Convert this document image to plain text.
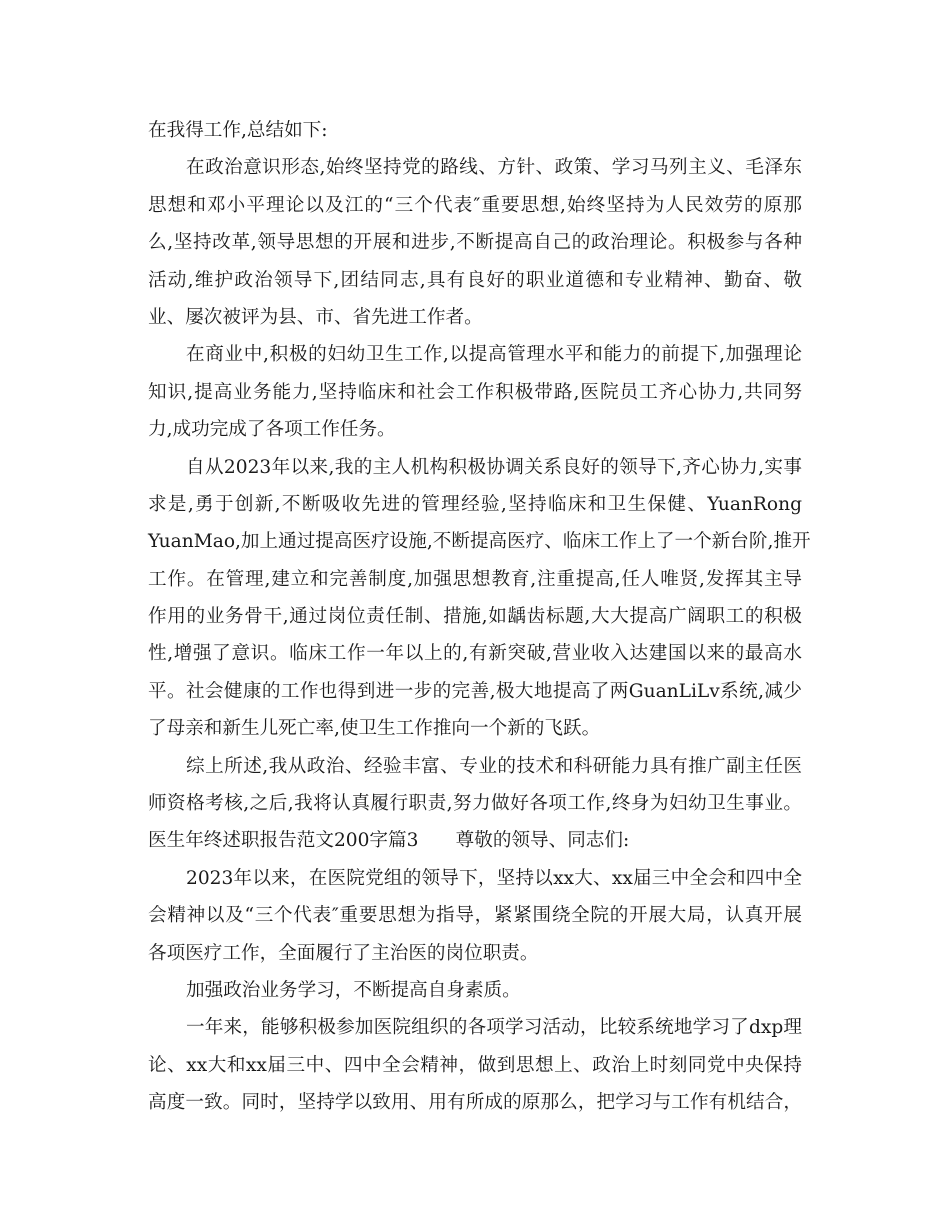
在我得工作,总结如下:
在政治意识形态,始终坚持党的路线、方针、政策、学习马列主义、毛泽东
思想和邓小平理论以及江的“三个代表″重要思想,始终坚持为人民效劳的原那
么,坚持改革,领导思想的开展和进步,不断提高自己的政治理论。积极参与各种
活动,维护政治领导下,团结同志,具有良好的职业道德和专业精神、勤奋、敬
业、屡次被评为县、市、省先进工作者。
在商业中,积极的妇幼卫生工作,以提高管理水平和能力的前提下,加强理论
知识,提高业务能力,坚持临床和社会工作积极带路,医院员工齐心协力,共同努
力,成功完成了各项工作任务。
自从2023年以来,我的主人机构积极协调关系良好的领导下,齐心协力,实事
求是,勇于创新,不断吸收先进的管理经验,坚持临床和卫生保健、YuanRong
YuanMao,加上通过提高医疗设施,不断提高医疗、临床工作上了一个新台阶,推开
工作。在管理,建立和完善制度,加强思想教育,注重提高,任人唯贤,发挥其主导
作用的业务骨干,通过岗位责任制、措施,如龋齿标题,大大提高广阔职工的积极
性,增强了意识。临床工作一年以上的,有新突破,营业收入达建国以来的最高水
平。社会健康的工作也得到进一步的完善,极大地提高了两GuanLiLv系统,减少
了母亲和新生儿死亡率,使卫生工作推向一个新的飞跃。
综上所述,我从政治、经验丰富、专业的技术和科研能力具有推广副主任医
师资格考核,之后,我将认真履行职责,努力做好各项工作,终身为妇幼卫生事业。
医生年终述职报告范文200字篇3　　尊敬的领导、同志们:
2023年以来，在医院党组的领导下，坚持以xx大、xx届三中全会和四中全
会精神以及“三个代表″重要思想为指导，紧紧围绕全院的开展大局，认真开展
各项医疗工作，全面履行了主治医的岗位职责。
加强政治业务学习，不断提高自身素质。
一年来，能够积极参加医院组织的各项学习活动，比较系统地学习了dxp理
论、xx大和xx届三中、四中全会精神，做到思想上、政治上时刻同党中央保持
高度一致。同时，坚持学以致用、用有所成的原那么，把学习与工作有机结合，
